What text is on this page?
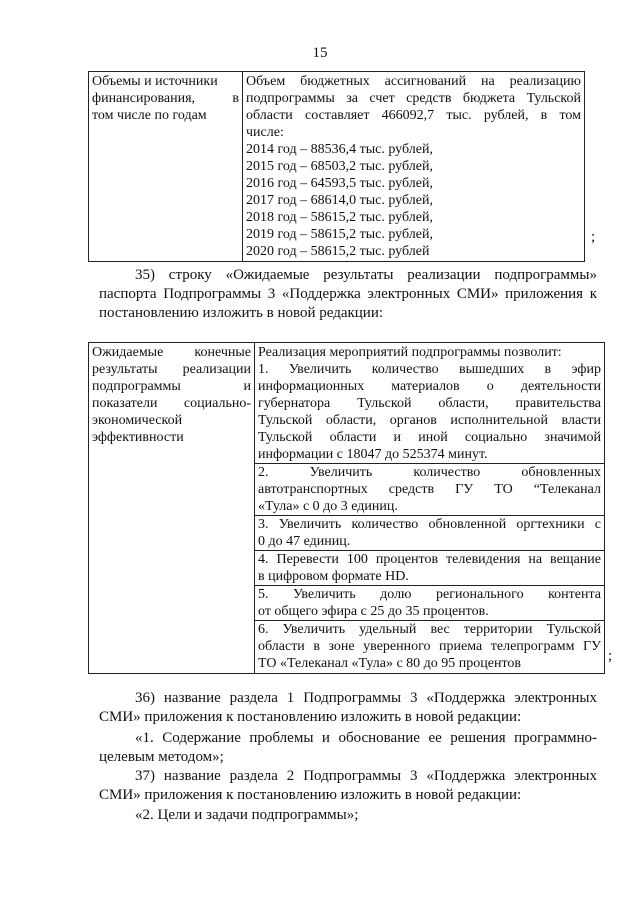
15
Объемы и источники
финансирования, в
том числе по годам

Объем бюджетных ассигнований на реализацию
подпрограммы за счет средств бюджета Тульской
области составляет 466092,7 тыс. рублей, в том
числе:
2014 год – 88536,4 тыс. рублей,
2015 год – 68503,2 тыс. рублей,
2016 год – 64593,5 тыс. рублей,
2017 год – 68614,0 тыс. рублей,
2018 год – 58615,2 тыс. рублей,
2019 год – 58615,2 тыс. рублей,
2020 год – 58615,2 тыс. рублей
;
35) строку «Ожидаемые результаты реализации подпрограммы»
паспорта Подпрограммы 3 «Поддержка электронных СМИ» приложения к
постановлению изложить в новой редакции:
Ожидаемые конечные
результаты реализации
подпрограммы и
показатели социально-
экономической
эффективности

Реализация мероприятий подпрограммы позволит:
1. Увеличить количество вышедших в эфир
информационных материалов о деятельности
губернатора Тульской области, правительства
Тульской области, органов исполнительной власти
Тульской области и иной социально значимой
информации с 18047 до 525374 минут.
2. Увеличить количество обновленных
автотранспортных средств ГУ ТО “Телеканал
«Тула» с 0 до 3 единиц.
3. Увеличить количество обновленной оргтехники с
0 до 47 единиц.
4. Перевести 100 процентов телевидения на вещание
в цифровом формате HD.
5. Увеличить долю регионального контента
от общего эфира с 25 до 35 процентов.
6. Увеличить удельный вес территории Тульской
области в зоне уверенного приема телепрограмм ГУ
ТО «Телеканал «Тула» с 80 до 95 процентов	;
36) название раздела 1 Подпрограммы 3 «Поддержка электронных
СМИ» приложения к постановлению изложить в новой редакции:
«1. Содержание проблемы и обоснование ее решения программно-
целевым методом»;
37) название раздела 2 Подпрограммы 3 «Поддержка электронных
СМИ» приложения к постановлению изложить в новой редакции:
«2. Цели и задачи подпрограммы»;
